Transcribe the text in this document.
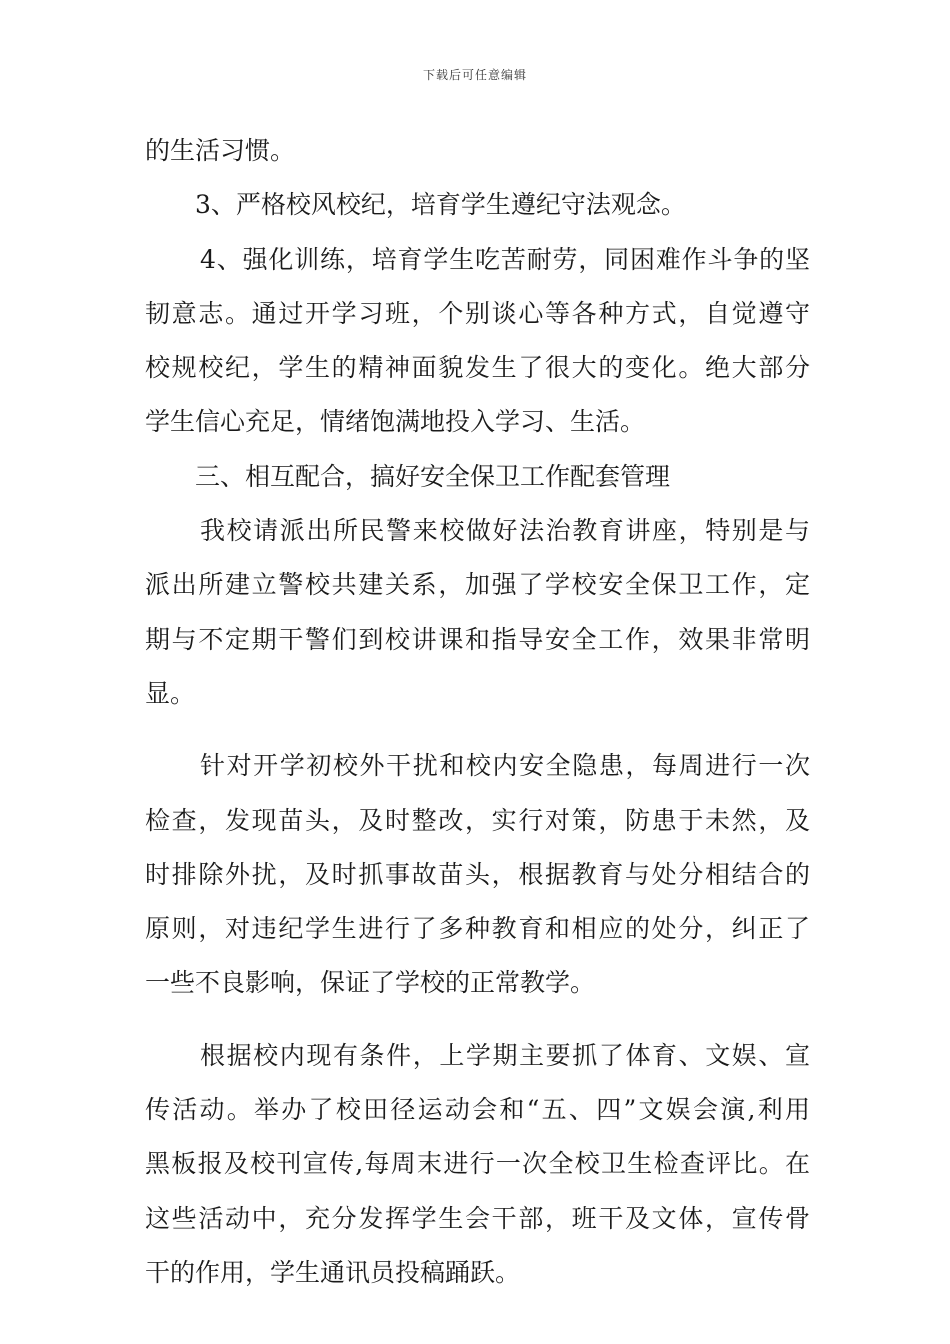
下载后可任意编辑
的生活习惯。
3、严格校风校纪，培育学生遵纪守法观念。
4、强化训练，培育学生吃苦耐劳，同困难作斗争的坚
韧意志。通过开学习班，个别谈心等各种方式，自觉遵守
校规校纪，学生的精神面貌发生了很大的变化。绝大部分
学生信心充足，情绪饱满地投入学习、生活。
三、相互配合，搞好安全保卫工作配套管理
我校请派出所民警来校做好法治教育讲座，特别是与
派出所建立警校共建关系，加强了学校安全保卫工作，定
期与不定期干警们到校讲课和指导安全工作，效果非常明
显。
针对开学初校外干扰和校内安全隐患，每周进行一次
检查，发现苗头，及时整改，实行对策，防患于未然，及
时排除外扰，及时抓事故苗头，根据教育与处分相结合的
原则，对违纪学生进行了多种教育和相应的处分，纠正了
一些不良影响，保证了学校的正常教学。
根据校内现有条件，上学期主要抓了体育、文娱、宣
传活动。举办了校田径运动会和“五、四”文娱会演,利用
黑板报及校刊宣传,每周末进行一次全校卫生检查评比。在
这些活动中，充分发挥学生会干部，班干及文体，宣传骨
干的作用，学生通讯员投稿踊跃。
